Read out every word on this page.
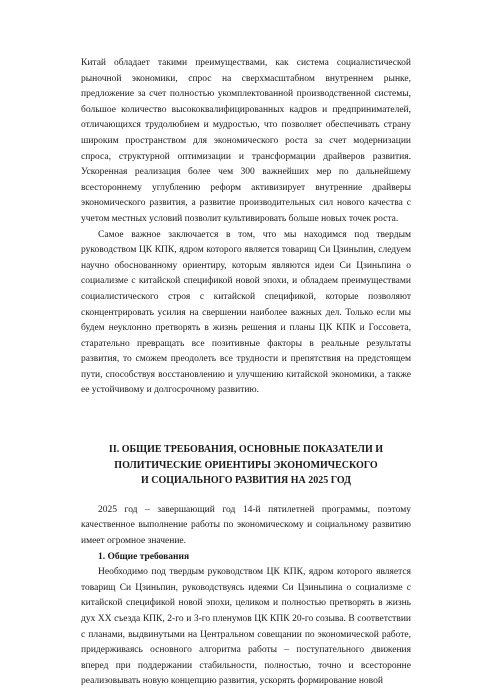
Китай обладает такими преимуществами, как система социалистической рыночной экономики, спрос на сверхмасштабном внутреннем рынке, предложение за счет полностью укомплектованной производственной системы, большое количество высококвалифицированных кадров и предпринимателей, отличающихся трудолюбием и мудростью, что позволяет обеспечивать страну широким пространством для экономического роста за счет модернизации спроса, структурной оптимизации и трансформации драйверов развития. Ускоренная реализация более чем 300 важнейших мер по дальнейшему всестороннему углублению реформ активизирует внутренние драйверы экономического развития, а развитие производительных сил нового качества с учетом местных условий позволит культивировать больше новых точек роста.

Самое важное заключается в том, что мы находимся под твердым руководством ЦК КПК, ядром которого является товарищ Си Цзиньпин, следуем научно обоснованному ориентиру, которым являются идеи Си Цзиньпина о социализме с китайской спецификой новой эпохи, и обладаем преимуществами социалистического строя с китайской спецификой, которые позволяют сконцентрировать усилия на свершении наиболее важных дел. Только если мы будем неуклонно претворять в жизнь решения и планы ЦК КПК и Госсовета, старательно превращать все позитивные факторы в реальные результаты развития, то сможем преодолеть все трудности и препятствия на предстоящем пути, способствуя восстановлению и улучшению китайской экономики, а также ее устойчивому и долгосрочному развитию.

II. ОБЩИЕ ТРЕБОВАНИЯ, ОСНОВНЫЕ ПОКАЗАТЕЛИ И
ПОЛИТИЧЕСКИЕ ОРИЕНТИРЫ ЭКОНОМИЧЕСКОГО
И СОЦИАЛЬНОГО РАЗВИТИЯ НА 2025 ГОД

2025 год – завершающий год 14-й пятилетней программы, поэтому качественное выполнение работы по экономическому и социальному развитию имеет огромное значение.

1. Общие требования

Необходимо под твердым руководством ЦК КПК, ядром которого является товарищ Си Цзиньпин, руководствуясь идеями Си Цзиньпина о социализме с китайской спецификой новой эпохи, целиком и полностью претворять в жизнь дух XX съезда КПК, 2-го и 3-го пленумов ЦК КПК 20-го созыва. В соответствии с планами, выдвинутыми на Центральном совещании по экономической работе, придерживаясь основного алгоритма работы – поступательного движения вперед при поддержании стабильности, полностью, точно и всесторонне реализовывать новую концепцию развития, ускорять формирование новой
